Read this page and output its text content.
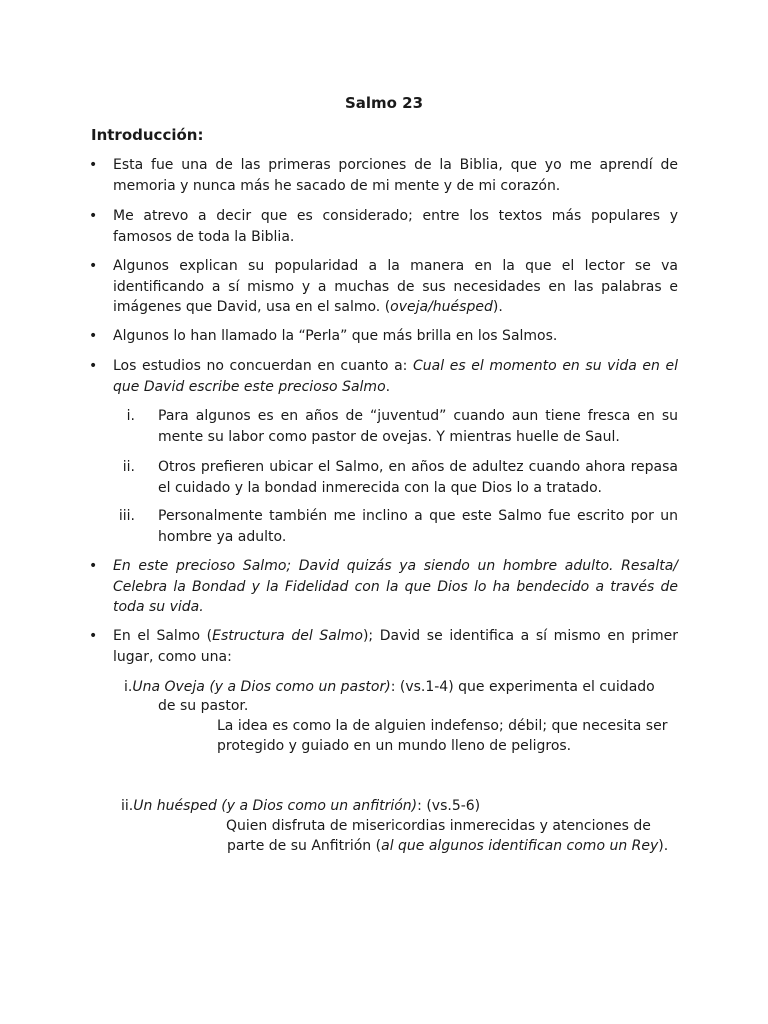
Salmo 23
Introducción:
• Esta fue una de las primeras porciones de la Biblia, que yo me aprendí de memoria y nunca más he sacado de mi mente y de mi corazón.
• Me atrevo a decir que es considerado; entre los textos más populares y famosos de toda la Biblia.
• Algunos explican su popularidad a la manera en la que el lector se va identificando a sí mismo y a muchas de sus necesidades en las palabras e imágenes que David, usa en el salmo. (oveja/huésped).
• Algunos lo han llamado la “Perla” que más brilla en los Salmos.
• Los estudios no concuerdan en cuanto a: Cual es el momento en su vida en el que David escribe este precioso Salmo.
i. Para algunos es en años de “juventud” cuando aun tiene fresca en su mente su labor como pastor de ovejas. Y mientras huelle de Saul.
ii. Otros prefieren ubicar el Salmo, en años de adultez cuando ahora repasa el cuidado y la bondad inmerecida con la que Dios lo a tratado.
iii. Personalmente también me inclino a que este Salmo fue escrito por un hombre ya adulto.
• En este precioso Salmo; David quizás ya siendo un hombre adulto. Resalta/ Celebra la Bondad y la Fidelidad con la que Dios lo ha bendecido a través de toda su vida.
• En el Salmo (Estructura del Salmo); David se identifica a sí mismo en primer lugar, como una:
i.Una Oveja (y a Dios como un pastor): (vs.1-4) que experimenta el cuidado
de su pastor.
La idea es como la de alguien indefenso; débil; que necesita ser
protegido y guiado en un mundo lleno de peligros.
ii.Un huésped (y a Dios como un anfitrión): (vs.5-6)
Quien disfruta de misericordias inmerecidas y atenciones de
parte de su Anfitrión (al que algunos identifican como un Rey).
